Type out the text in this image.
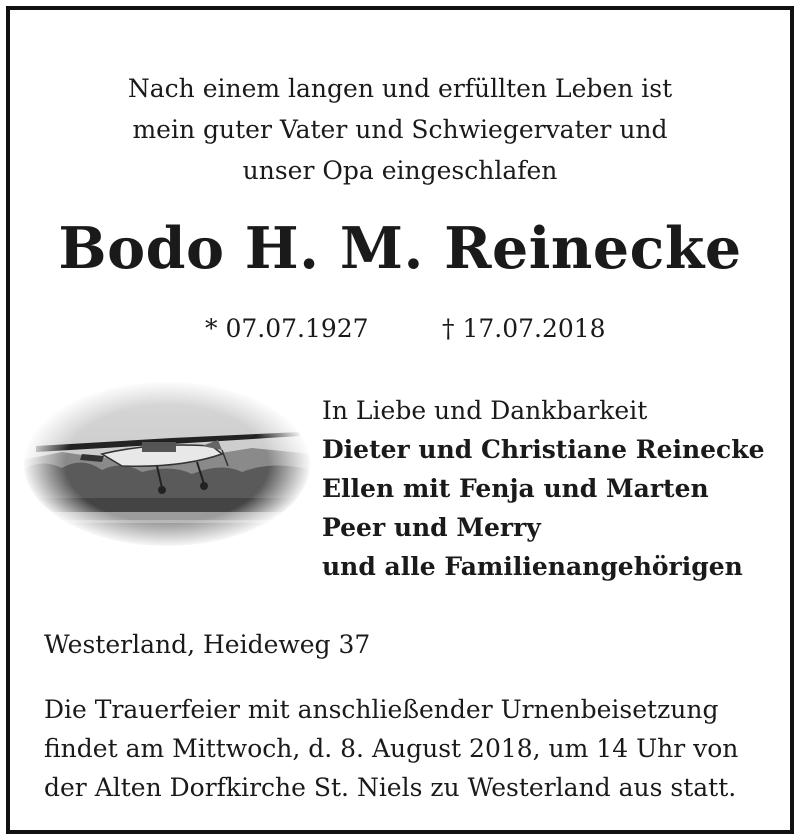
Nach einem langen und erfüllten Leben ist
mein guter Vater und Schwiegervater und
unser Opa eingeschlafen
Bodo H. M. Reinecke
* 07.07.1927	† 17.07.2018
In Liebe und Dankbarkeit
Dieter und Christiane Reinecke
Ellen mit Fenja und Marten
Peer und Merry
und alle Familienangehörigen
Westerland, Heideweg 37
Die Trauerfeier mit anschließender Urnenbeisetzung
findet am Mittwoch, d. 8. August 2018, um 14 Uhr von
der Alten Dorfkirche St. Niels zu Westerland aus statt.
